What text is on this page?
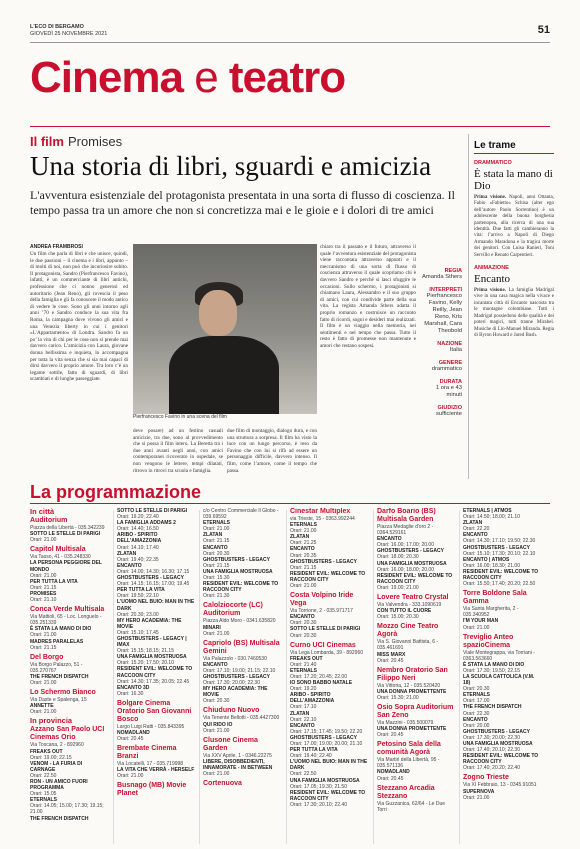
L'ECO DI BERGAMO
GIOVEDÌ 25 NOVEMBRE 2021	51
Cinema e teatro
Il film Promises
Una storia di libri, sguardi e amicizia
L'avventura esistenziale del protagonista presentata in una sorta di flusso di coscienza. Il tempo passa tra un amore che non si concretizza mai e le gioie e i dolori di tre amici
ANDREA FRAMBROSI

Un film che parla di libri e che unisce, quindi, le due passioni – il cinema e i libri, appunto – di molti di noi, non può che incuriosire subito. Il protagonista, Sandro (Pierfrancesco Favino), infatti, è un commerciante di libri antichi, professione che ci nonno generosi ed autoritario (Jean Reno), gli rovescia il peso della famiglia e gli fa conoscere il modo antico di vedere le cose. Sono gli anni intorno agli anni ’70 e Sandro conduce la sua vita fra Roma, la campagna dove vivono gli amici e una Venezia liberty in cui i genitori «L’Appartamento» di Londra. Sandro fa un po’ la vita di chi per le cose non si prende mai davvero carico. L’amicizia con Laura, giovane donna bellissima e inquieta, lo accompagna per tutta la vita senza che si sia mai capaci di dirsi davvero il proprio amore. Tra loro c’è un legame sottile, fatto di sguardi, di libri scambiati e di lunghe passeggiate.

Pierfrancesco Favino in una scena del film

deve posare) ad un festino casuali amicizie, tra due, sono al provvedimento che si possa il film intero. La Beretta tra i due anni avanti negli anni, con amici contemporanei ricoverato in ospedale, se non vengono le lettere, tempi dilatati, ritrovo in ritrovi tra scuola e famiglia.

due film di montaggio, dialogo dura, e con una struttura a sorpresa. Il film ha visto la luce con un lungo percorso, è reso da Favino che con lui si rifà ad essere un personaggio difficile, davvero intenso. Il film, come l’amore, come il tempo che passa.

chiaro tra il passato e il futuro, attraverso il quale l’avventura esistenziale del protagonista viene raccontata attraverso appunti e il meccanismo di una sorta di flusso di coscienza attraverso il quale scopriamo chi è davvero Sandro e perché si lasci sfuggire le occasioni. Sullo schermo, i protagonisti si chiamano Laura, Alessandro e il suo gruppo di amici, con cui condivide parte della sua vita. La regista Amanda Sthers adatta il proprio romanzo e costruisce un racconto fatto di ricordi, sogni e desideri mai realizzati. Il film è un viaggio nella memoria, nei sentimenti e nel tempo che passa. Tutto il resto è fatto di promesse non mantenute e amori che restano sospesi.

REGIA
Amanda Sthers
INTERPRETI
Pierfrancesco Favino, Kelly Reilly, Jean Reno, Kris Marshall, Cara Theobold
NAZIONE
Italia
GENERE
drammatico
DURATA
1 ora e 43 minuti
GIUDIZIO
sufficiente
Le trame
DRAMMATICO
È stata la mano di Dio
Prima visione. Napoli, anni Ottanta, Fabio «Fabietto» Schisa (alter ego dell’autore Paolo Sorrentino) è un adolescente della buona borghesia partenopea, alla ricerca di una sua identità. Due fatti gli cambieranno la vita: l’arrivo a Napoli di Diego Armando Maradona e la tragica morte dei genitori. Con Luisa Ranieri, Toni Servillo e Renato Carpentieri.
ANIMAZIONE
Encanto
Prima visione. La famiglia Madrigal vive in una casa magica nella vivace e incantata città di Encanto nascosta tra le montagne colombiane. Tutti i Madrigal possiedono delle qualità e dei poteri magici, tutti tranne Mirabel. Musiche di Lin-Manuel Miranda. Regia di Byron Howard e Jared Bush.
La programmazione
In città
Auditorium
Piazza della Libertà - 035.342239
SOTTO LE STELLE DI PARIGI
Orari: 21.00
Capitol Multisala
Via Tasso, 41 - 035.248330
LA PERSONA PEGGIORE DEL MONDO
Orari: 21.00
PER TUTTA LA VITA
Orari: 21.15
PROMISES
Orari: 21.10
Conca Verde Multisala
Via Mattioli, 65 - Loc. Longuelo - 035.251339
È STATA LA MANO DI DIO
Orari: 21.00
MADRES PARALELAS
Orari: 21.15
Del Borgo
Via Borgo Palazzo, 51 - 035.270767
THE FRENCH DISPATCH
Orari: 21.00
Lo Schermo Bianco
Via Daste e Spalenga, 15
ANNETTE
Orari: 21.00
In provincia
Azzano San Paolo UCI Cinemas Orio
Via Toscana, 2 - 892960
FREAKS OUT
Orari: 19.00; 22.15
VENOM - LA FURIA DI CARNAGE
Orari: 22.50
RON - UN AMICO FUORI PROGRAMMA
Orari: 15.05
ETERNALS
Orari: 14.05; 15.00; 17.30; 19.15; 21.00
THE FRENCH DISPATCH
SOTTO LE STELLE DI PARIGI
Orari: 19.20; 22.40
LA FAMIGLIA ADDAMS 2
Orari: 14.40; 16.50
ARIBO - SPIRITO DELL'AMAZZONIA
Orari: 14.10; 17.40
ZLATAN
Orari: 19.40; 22.35
ENCANTO
Orari: 14.00; 14.30; 16.30; 17.15
GHOSTBUSTERS - LEGACY
Orari: 14.15; 16.15; 17.00; 19.45
PER TUTTA LA VITA
Orari: 19.50; 22.10
L'UOMO NEL BUIO: MAN IN THE DARK
Orari: 20.30; 23.00
MY HERO ACADEMIA: THE MOVIE
Orari: 15.10; 17.45
GHOSTBUSTERS - LEGACY | IMAX
Orari: 15.15; 18.15; 21.15
UNA FAMIGLIA MOSTRUOSA
Orari: 15.20; 17.50; 20.10
RESIDENT EVIL: WELCOME TO RACCOON CITY
Orari: 14.30; 17.35; 20.05; 22.45
ENCANTO 3D
Orari: 16.30
Bolgare Cinema Oratorio San Giovanni Bosco
Largo Luigi Ratti - 035.843395
NOMADLAND
Orari: 20.45
Brembate Cinema Branzi
Via Locatelli, 17 - 035.719998
LA VITA CHE VERRÀ - HERSELF
Orari: 21.00
Busnago (MB) Movie Planet
c/o Centro Commerciale Il Globo - 039.69592
ETERNALS
Orari: 21.00
ZLATAN
Orari: 21.15
ENCANTO
Orari: 20.30
GHOSTBUSTERS - LEGACY
Orari: 21.15
UNA FAMIGLIA MOSTRUOSA
Orari: 15.30
RESIDENT EVIL: WELCOME TO RACCOON CITY
Orari: 21.30
Calolziocorte (LC) Auditorium
Piazza Aldo Moro - 0341.635820
MINARI
Orari: 21.00
Capriolo (BS) Multisala Gemini
Via Palazzolo - 030.7460530
ENCANTO
Orari: 17.10; 19.00; 21.15; 22.10
GHOSTBUSTERS - LEGACY
Orari: 17.30; 20.00; 22.30
MY HERO ACADEMIA: THE MOVIE
Orari: 20.30
Chiuduno Nuovo
Via Tenente Bellotti - 035.4427300
QUI RIDO IO
Orari: 21.00
Clusone Cinema Garden
Via XXV Aprile, 1 - 0346.22275
LIBERE, DISOBBEDIENTI, INNAMORATE - IN BETWEEN
Orari: 21.00
Cortenuova
Cinestar Multiplex
via Trieste, 15 - 0363.992244
ETERNALS
Orari: 21.00
ZLATAN
Orari: 21.25
ENCANTO
Orari: 20.35
GHOSTBUSTERS - LEGACY
Orari: 21.15
RESIDENT EVIL: WELCOME TO RACCOON CITY
Orari: 21.00
Costa Volpino Iride Vega
Via Torrione, 2 - 035.971717
ENCANTO
Orari: 20.30
SOTTO LE STELLE DI PARIGI
Orari: 20.30
Curno UCI Cinemas
Via Lega Lombarda, 39 - 892960
FREAKS OUT
Orari: 21.40
ETERNALS
Orari: 17.20; 20.45; 22.00
IO SONO BABBO NATALE
Orari: 19.20
ARIBO - SPIRITO DELL'AMAZZONIA
Orari: 17.10
ZLATAN
Orari: 22.10
ENCANTO
Orari: 17.15; 17.45; 19.50; 22.20
GHOSTBUSTERS - LEGACY
Orari: 17.00; 19.00; 20.00; 21.10
PER TUTTA LA VITA
Orari: 19.40; 22.40
L'UOMO NEL BUIO: MAN IN THE DARK
Orari: 22.50
UNA FAMIGLIA MOSTRUOSA
Orari: 17.05; 19.30; 21.50
RESIDENT EVIL: WELCOME TO RACCOON CITY
Orari: 17.30; 20.10; 22.40
Darfo Boario (BS) Multisala Garden
Piazza Medaglie d'oro 2 - 0364.529161
ENCANTO
Orari: 16.00; 17.00; 20.00
GHOSTBUSTERS - LEGACY
Orari: 18.00; 20.30
UNA FAMIGLIA MOSTRUOSA
Orari: 16.00; 18.00; 20.00
RESIDENT EVIL: WELCOME TO RACCOON CITY
Orari: 19.00; 21.00
Lovere Teatro Crystal
Via Valvendra - 333.1090619
CON TUTTO IL CUORE
Orari: 15.00; 20.30
Mozzo Cine Teatro Agorà
Via S. Giovanni Battista, 6 - 035.461691
MISS MARX
Orari: 20.45
Nembro Oratorio San Filippo Neri
Via Vittoria, 12 - 035.520420
UNA DONNA PROMETTENTE
Orari: 15.30; 21.00
Osio Sopra Auditorium San Zeno
Via Mazzini - 035.500079
UNA DONNA PROMETTENTE
Orari: 20.45
Petosino Sala della comunità Agorà
Via Martiri della Libertà, 95 - 035.571136
NOMADLAND
Orari: 20.45
Stezzano Arcadia Stezzano
Via Guzzanica, 62/64 - Le Due Torri
ETERNALS | ATMOS
Orari: 14.50; 18.00; 21.10
ZLATAN
Orari: 22.20
ENCANTO
Orari: 14.30; 17.10; 19.50; 22.30
GHOSTBUSTERS - LEGACY
Orari: 15.10; 17.30; 20.10; 22.10
ENCANTO | ATMOS
Orari: 16.00; 18.30; 21.00
RESIDENT EVIL: WELCOME TO RACCOON CITY
Orari: 15.50; 17.40; 20.20; 22.50
Torre Boldone Sala Gamma
Via Santa Margherita, 2 - 035.340952
I'M YOUR MAN
Orari: 21.00
Treviglio Anteo spazioCinema
Viale Montegrappa, via Torriani - 0363.563660
È STATA LA MANO DI DIO
Orari: 17.30; 19.50; 22.15
LA SCUOLA CATTOLICA (V.M. 18)
Orari: 20.30
ETERNALS
Orari: 17.00
THE FRENCH DISPATCH
Orari: 22.30
ENCANTO
Orari: 20.00
GHOSTBUSTERS - LEGACY
Orari: 17.30; 20.00; 22.30
UNA FAMIGLIA MOSTRUOSA
Orari: 17.40; 20.10; 22.30
RESIDENT EVIL: WELCOME TO RACCOON CITY
Orari: 17.40; 20.20; 22.40
Zogno Trieste
Via XI Febbraio, 13 - 0345.91051
SUPERNOVA
Orari: 21.00
